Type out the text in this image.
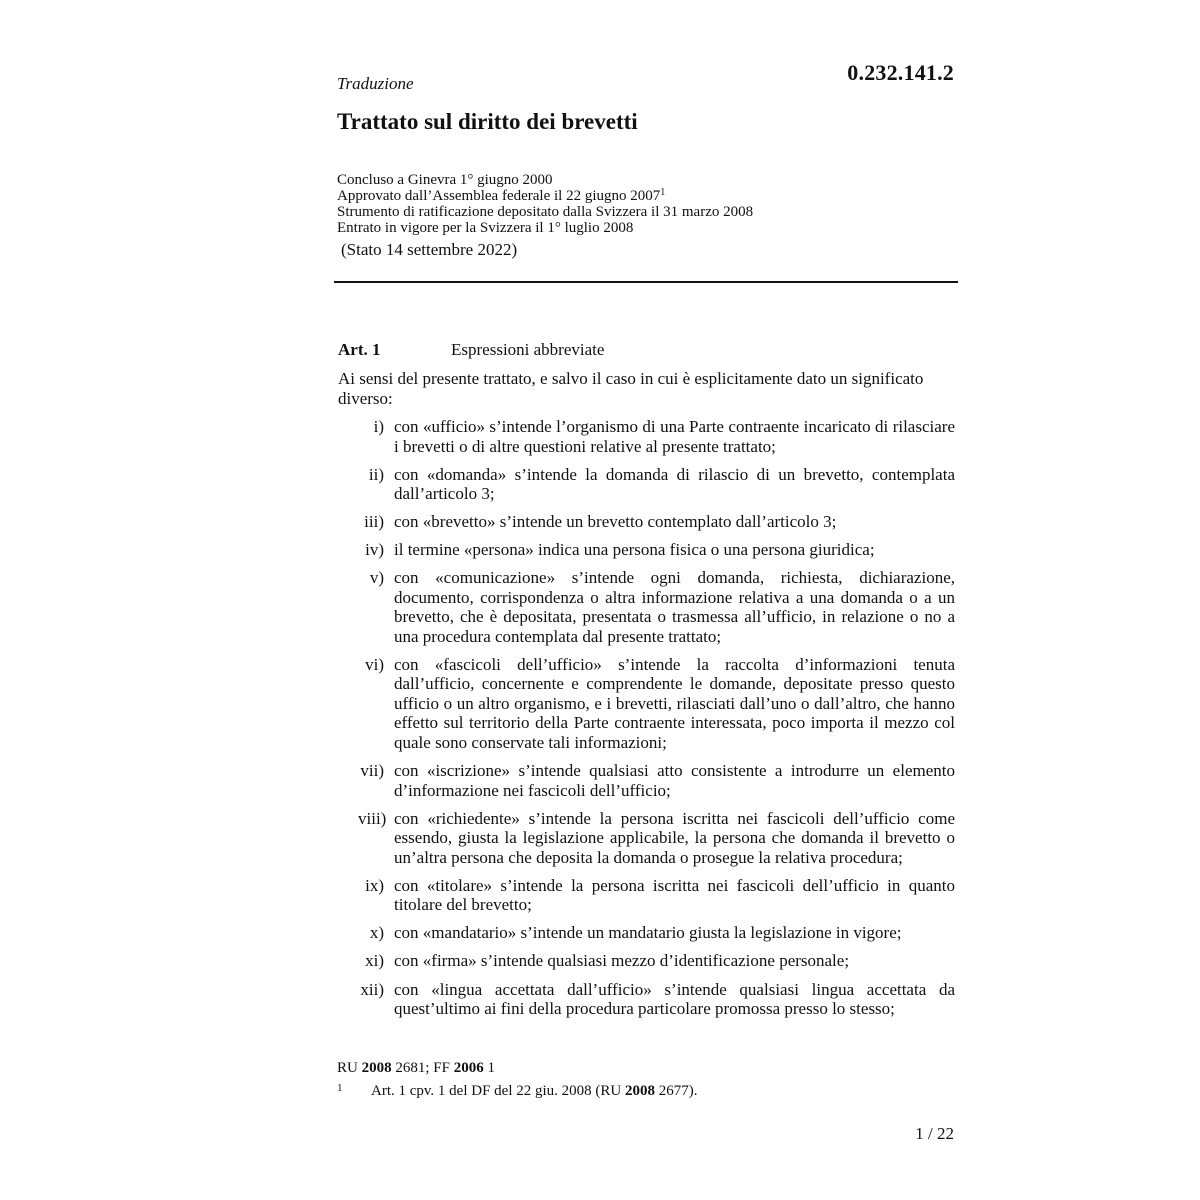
0.232.141.2
Traduzione
Trattato sul diritto dei brevetti
Concluso a Ginevra 1° giugno 2000
Approvato dall’Assemblea federale il 22 giugno 2007$^1$
Strumento di ratificazione depositato dalla Svizzera il 31 marzo 2008
Entrato in vigore per la Svizzera il 1° luglio 2008
(Stato 14 settembre 2022)
Art. 1	Espressioni abbreviate
Ai sensi del presente trattato, e salvo il caso in cui è esplicitamente dato un significato diverso:
i) con «ufficio» s’intende l’organismo di una Parte contraente incaricato di rilasciare i brevetti o di altre questioni relative al presente trattato;
ii) con «domanda» s’intende la domanda di rilascio di un brevetto, contemplata dall’articolo 3;
iii) con «brevetto» s’intende un brevetto contemplato dall’articolo 3;
iv) il termine «persona» indica una persona fisica o una persona giuridica;
v) con «comunicazione» s’intende ogni domanda, richiesta, dichiarazione, documento, corrispondenza o altra informazione relativa a una domanda o a un brevetto, che è depositata, presentata o trasmessa all’ufficio, in relazione o no a una procedura contemplata dal presente trattato;
vi) con «fascicoli dell’ufficio» s’intende la raccolta d’informazioni tenuta dall’ufficio, concernente e comprendente le domande, depositate presso questo ufficio o un altro organismo, e i brevetti, rilasciati dall’uno o dall’altro, che hanno effetto sul territorio della Parte contraente interessata, poco importa il mezzo col quale sono conservate tali informazioni;
vii) con «iscrizione» s’intende qualsiasi atto consistente a introdurre un elemento d’informazione nei fascicoli dell’ufficio;
viii) con «richiedente» s’intende la persona iscritta nei fascicoli dell’ufficio come essendo, giusta la legislazione applicabile, la persona che domanda il brevetto o un’altra persona che deposita la domanda o prosegue la relativa procedura;
ix) con «titolare» s’intende la persona iscritta nei fascicoli dell’ufficio in quanto titolare del brevetto;
x) con «mandatario» s’intende un mandatario giusta la legislazione in vigore;
xi) con «firma» s’intende qualsiasi mezzo d’identificazione personale;
xii) con «lingua accettata dall’ufficio» s’intende qualsiasi lingua accettata da quest’ultimo ai fini della procedura particolare promossa presso lo stesso;
RU 2008 2681; FF 2006 1
1 Art. 1 cpv. 1 del DF del 22 giu. 2008 (RU 2008 2677).
1 / 22
